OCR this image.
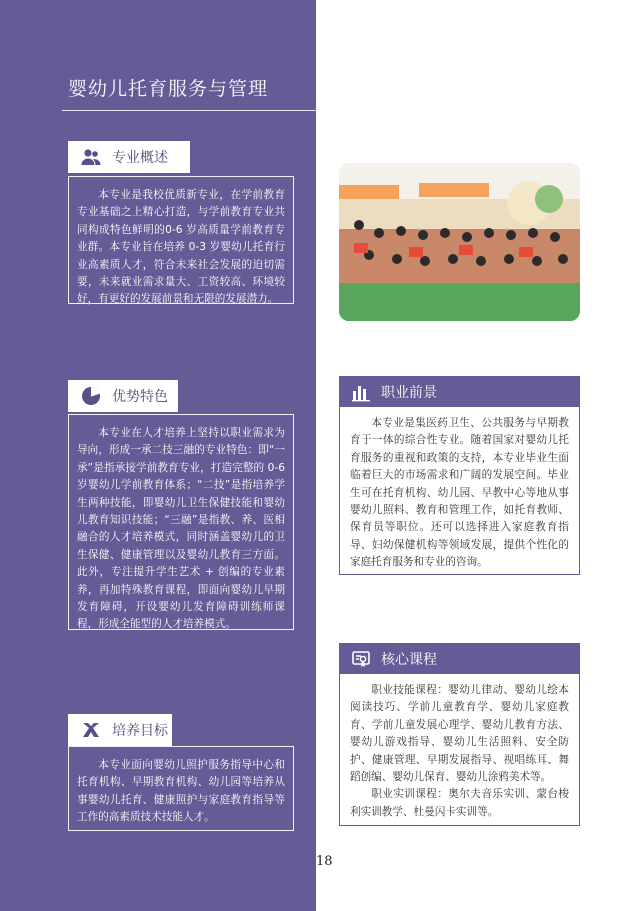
婴幼儿托育服务与管理
专业概述

本专业是我校优质新专业，在学前教育专业基础之上精心打造，与学前教育专业共同构成特色鲜明的0-6 岁高质量学前教育专业群。本专业旨在培养 0-3 岁婴幼儿托育行业高素质人才，符合未来社会发展的迫切需要，未来就业需求量大、工资较高、环境较好，有更好的发展前景和无限的发展潜力。

优势特色

本专业在人才培养上坚持以职业需求为导向，形成一承二技三融的专业特色：即“一承”是指承接学前教育专业，打造完整的 0-6 岁婴幼儿学前教育体系；“二技”是指培养学生两种技能，即婴幼儿卫生保健技能和婴幼儿教育知识技能；“三融”是指教、养、医相融合的人才培养模式，同时涵盖婴幼儿的卫生保健、健康管理以及婴幼儿教育三方面。此外，专注提升学生艺术 + 创编的专业素养，再加特殊教育课程，即面向婴幼儿早期发育障碍，开设婴幼儿发育障碍训练师课程，形成全能型的人才培养模式。

培养目标

本专业面向婴幼儿照护服务指导中心和托育机构、早期教育机构、幼儿园等培养从事婴幼儿托育、健康照护与家庭教育指导等工作的高素质技术技能人才。

职业前景

本专业是集医药卫生、公共服务与早期教育于一体的综合性专业。随着国家对婴幼儿托育服务的重视和政策的支持，本专业毕业生面临着巨大的市场需求和广阔的发展空间。毕业生可在托育机构、幼儿园、早教中心等地从事婴幼儿照料、教育和管理工作，如托育教师、保育员等职位。还可以选择进入家庭教育指导、妇幼保健机构等领域发展，提供个性化的家庭托育服务和专业的咨询。

核心课程

职业技能课程：婴幼儿律动、婴幼儿绘本阅读技巧、学前儿童教育学、婴幼儿家庭教育、学前儿童发展心理学、婴幼儿教育方法、婴幼儿游戏指导、婴幼儿生活照料、安全防护、健康管理、早期发展指导、视唱练耳、舞蹈创编、婴幼儿保育、婴幼儿涂鸦美术等。

职业实训课程：奥尔夫音乐实训、蒙台梭利实训教学、杜曼闪卡实训等。

18
